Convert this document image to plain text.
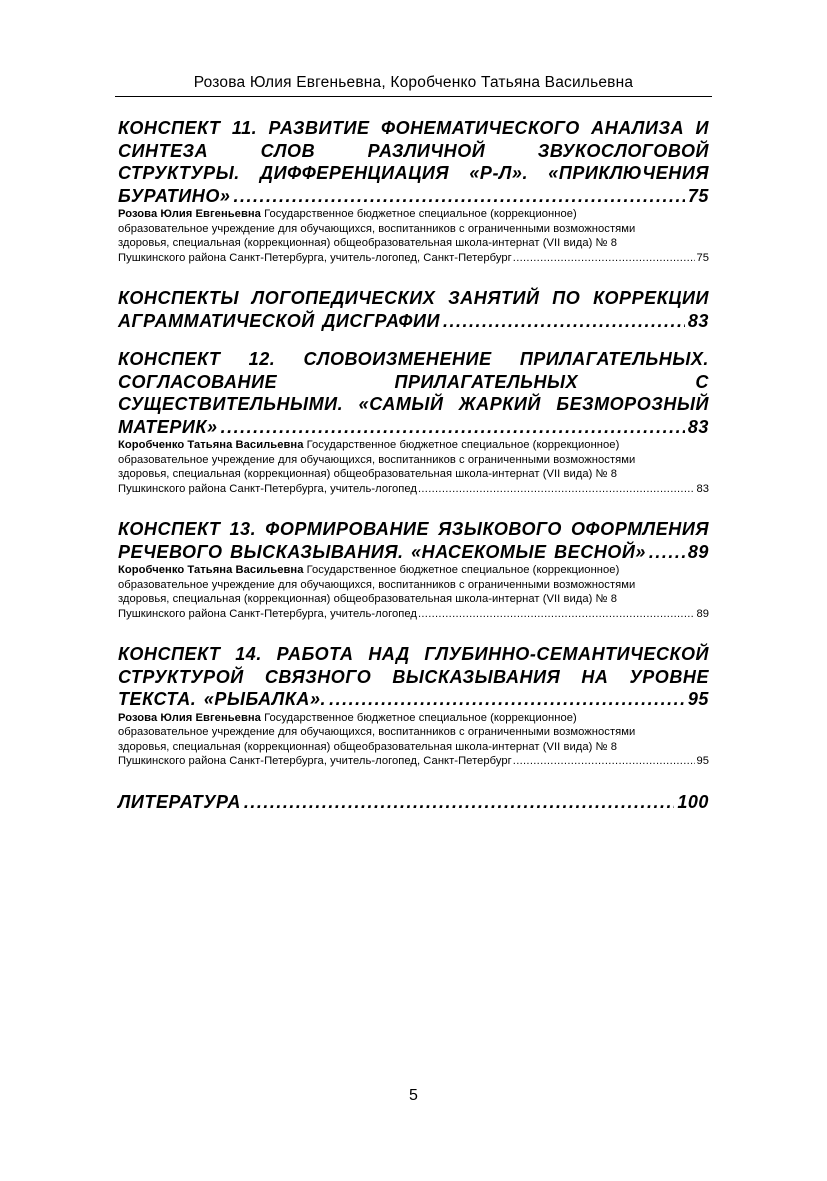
Розова Юлия Евгеньевна, Коробченко Татьяна Васильевна
КОНСПЕКТ 11. РАЗВИТИЕ ФОНЕМАТИЧЕСКОГО АНАЛИЗА И
СИНТЕЗА СЛОВ РАЗЛИЧНОЙ ЗВУКОСЛОГОВОЙ
СТРУКТУРЫ. ДИФФЕРЕНЦИАЦИЯ «Р-Л». «ПРИКЛЮЧЕНИЯ
БУРАТИНО» .....	75
Розова Юлия Евгеньевна Государственное бюджетное специальное (коррекционное)
образовательное учреждение для обучающихся, воспитанников с ограниченными возможностями
здоровья, специальная (коррекционная) общеобразовательная школа-интернат (VII вида) № 8
Пушкинского района Санкт-Петербурга, учитель-логопед, Санкт-Петербург .....	75
КОНСПЕКТЫ ЛОГОПЕДИЧЕСКИХ ЗАНЯТИЙ ПО КОРРЕКЦИИ
АГРАММАТИЧЕСКОЙ ДИСГРАФИИ .....	83
КОНСПЕКТ 12. СЛОВОИЗМЕНЕНИЕ ПРИЛАГАТЕЛЬНЫХ.
СОГЛАСОВАНИЕ ПРИЛАГАТЕЛЬНЫХ С
СУЩЕСТВИТЕЛЬНЫМИ. «САМЫЙ ЖАРКИЙ БЕЗМОРОЗНЫЙ
МАТЕРИК» .....	83
Коробченко Татьяна Васильевна Государственное бюджетное специальное (коррекционное)
образовательное учреждение для обучающихся, воспитанников с ограниченными возможностями
здоровья, специальная (коррекционная) общеобразовательная школа-интернат (VII вида) № 8
Пушкинского района Санкт-Петербурга, учитель-логопед .....	83
КОНСПЕКТ 13. ФОРМИРОВАНИЕ ЯЗЫКОВОГО ОФОРМЛЕНИЯ
РЕЧЕВОГО ВЫСКАЗЫВАНИЯ. «НАСЕКОМЫЕ ВЕСНОЙ» ..... 89
Коробченко Татьяна Васильевна Государственное бюджетное специальное (коррекционное)
образовательное учреждение для обучающихся, воспитанников с ограниченными возможностями
здоровья, специальная (коррекционная) общеобразовательная школа-интернат (VII вида) № 8
Пушкинского района Санкт-Петербурга, учитель-логопед .....	89
КОНСПЕКТ 14. РАБОТА НАД ГЛУБИННО-СЕМАНТИЧЕСКОЙ
СТРУКТУРОЙ СВЯЗНОГО ВЫСКАЗЫВАНИЯ НА УРОВНЕ
ТЕКСТА. «РЫБАЛКА». .....	95
Розова Юлия Евгеньевна Государственное бюджетное специальное (коррекционное)
образовательное учреждение для обучающихся, воспитанников с ограниченными возможностями
здоровья, специальная (коррекционная) общеобразовательная школа-интернат (VII вида) № 8
Пушкинского района Санкт-Петербурга, учитель-логопед, Санкт-Петербург .....	95
ЛИТЕРАТУРА .....	100
5
